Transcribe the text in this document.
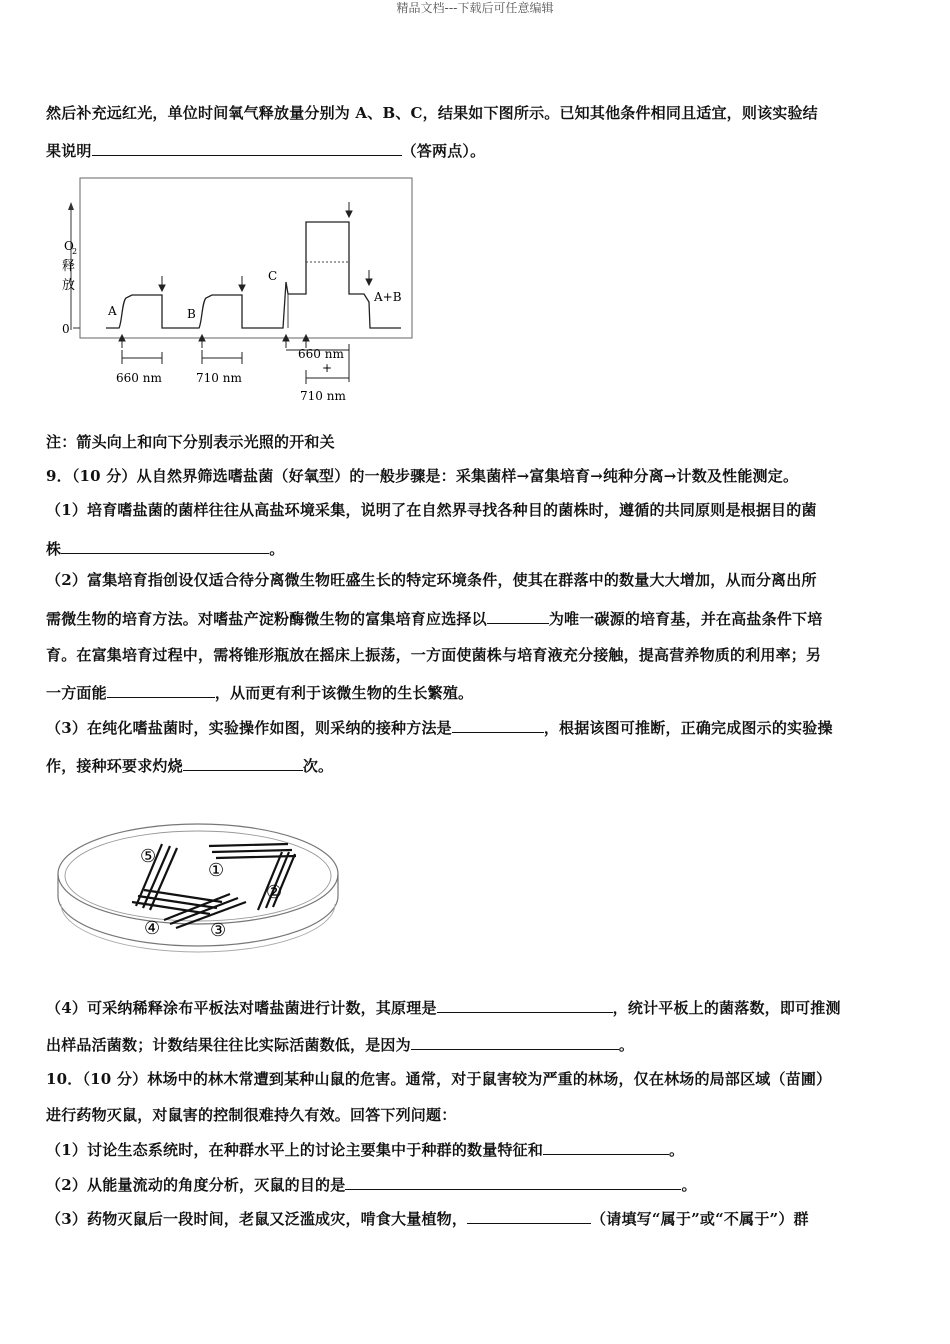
精品文档---下载后可任意编辑
然后补充远红光，单位时间氧气释放量分别为 A、B、C，结果如下图所示。已知其他条件相同且适宜，则该实验结
果说明	（答两点）。
O
2
释
放
0
A	B
C
A+B
660 nm	710 nm
660 nm
+
710 nm
注：箭头向上和向下分别表示光照的开和关
9．（10 分）从自然界筛选嗜盐菌（好氧型）的一般步骤是：采集菌样→富集培育→纯种分离→计数及性能测定。
（1）培育嗜盐菌的菌样往往从高盐环境采集，说明了在自然界寻找各种目的菌株时，遵循的共同原则是根据目的菌
株	。
（2）富集培育指创设仅适合待分离微生物旺盛生长的特定环境条件，使其在群落中的数量大大增加，从而分离出所
需微生物的培育方法。对嗜盐产淀粉酶微生物的富集培育应选择以	为唯一碳源的培育基，并在高盐条件下培
育。在富集培育过程中，需将锥形瓶放在摇床上振荡，一方面使菌株与培育液充分接触，提高营养物质的利用率；另
一方面能	，从而更有利于该微生物的生长繁殖。
（3）在纯化嗜盐菌时，实验操作如图，则采纳的接种方法是	，根据该图可推断，正确完成图示的实验操
作，接种环要求灼烧	次。
⑤
①
②
④	③
（4）可采纳稀释涂布平板法对嗜盐菌进行计数，其原理是	，统计平板上的菌落数，即可推测
出样品活菌数；计数结果往往比实际活菌数低，是因为	。
10．（10 分）林场中的林木常遭到某种山鼠的危害。通常，对于鼠害较为严重的林场，仅在林场的局部区域（苗圃）
进行药物灭鼠，对鼠害的控制很难持久有效。回答下列问题：
（1）讨论生态系统时，在种群水平上的讨论主要集中于种群的数量特征和	。
（2）从能量流动的角度分析，灭鼠的目的是	。
（3）药物灭鼠后一段时间，老鼠又泛滥成灾，啃食大量植物，	（请填写“属于”或“不属于”）群
